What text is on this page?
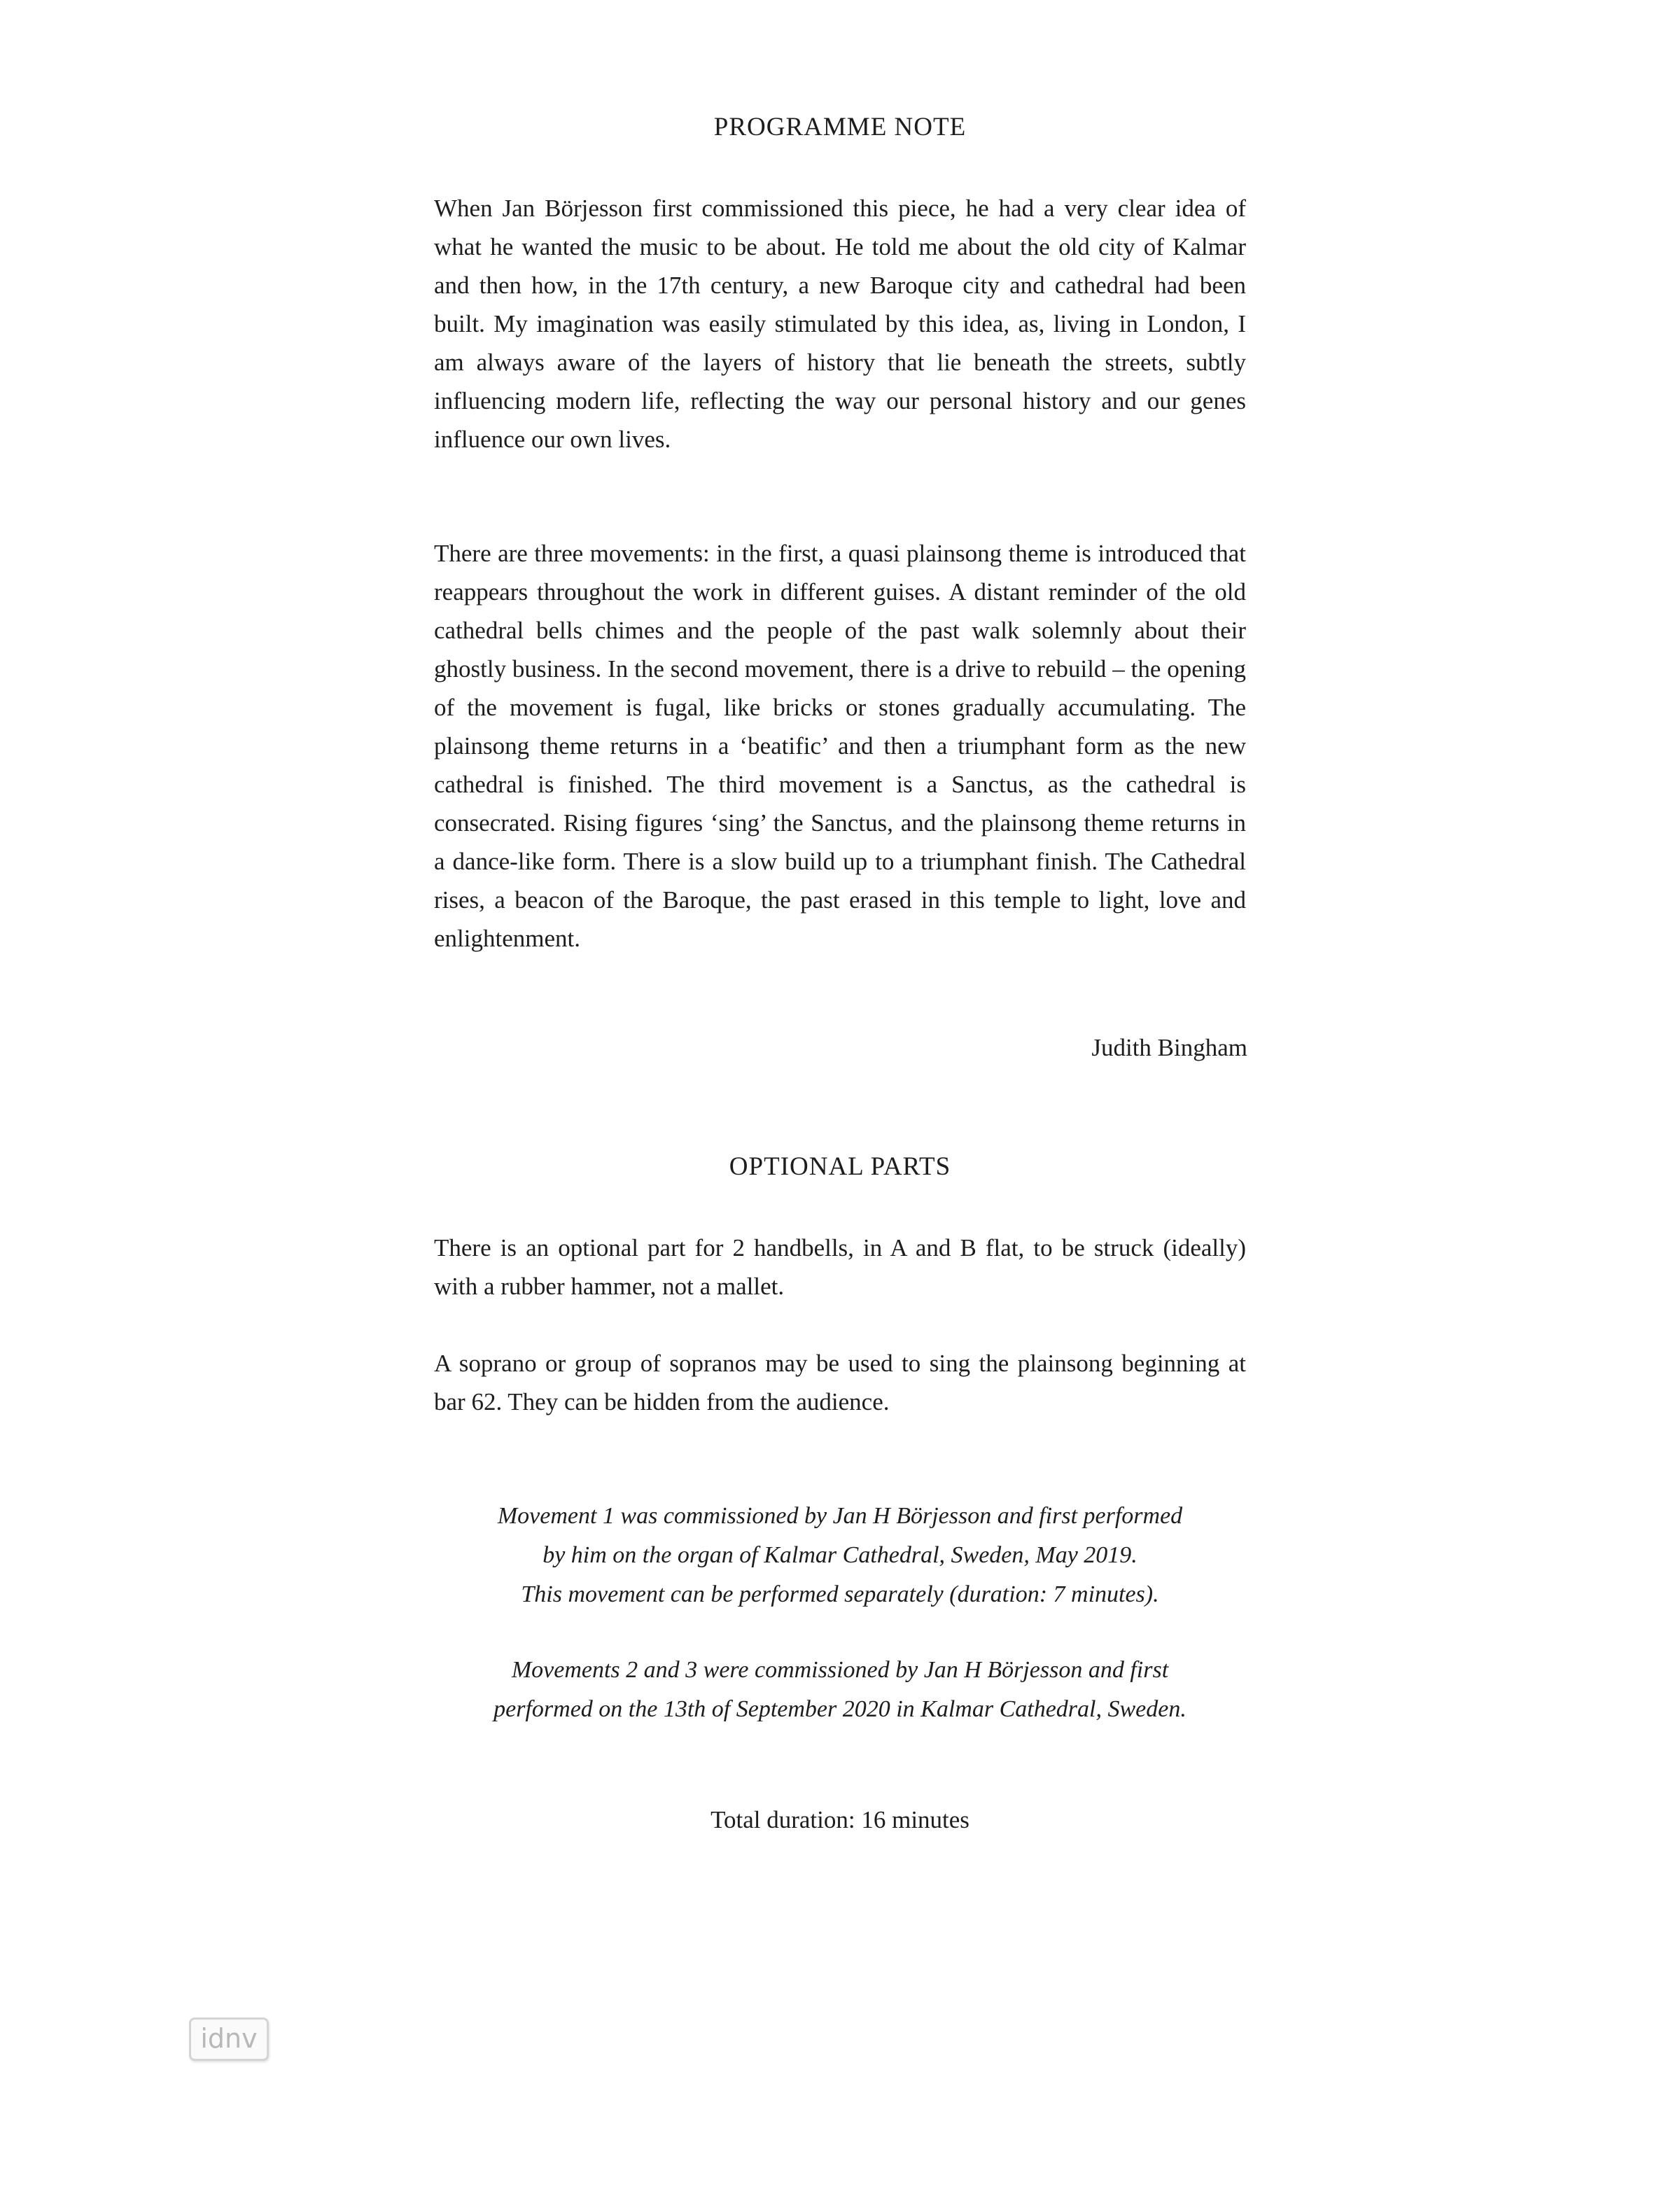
PROGRAMME NOTE

When Jan Börjesson first commissioned this piece, he had a very clear idea of what he wanted the music to be about. He told me about the old city of Kalmar and then how, in the 17th century, a new Baroque city and cathedral had been built. My imagination was easily stimulated by this idea, as, living in London, I am always aware of the layers of history that lie beneath the streets, subtly influencing modern life, reflecting the way our personal history and our genes influence our own lives.

There are three movements: in the first, a quasi plainsong theme is introduced that reappears throughout the work in different guises. A distant reminder of the old cathedral bells chimes and the people of the past walk solemnly about their ghostly business. In the second movement, there is a drive to rebuild – the opening of the movement is fugal, like bricks or stones gradually accumulating. The plainsong theme returns in a ‘beatific’ and then a triumphant form as the new cathedral is finished. The third movement is a Sanctus, as the cathedral is consecrated. Rising figures ‘sing’ the Sanctus, and the plainsong theme returns in a dance-like form. There is a slow build up to a triumphant finish. The Cathedral rises, a beacon of the Baroque, the past erased in this temple to light, love and enlightenment.

Judith Bingham

OPTIONAL PARTS

There is an optional part for 2 handbells, in A and B flat, to be struck (ideally) with a rubber hammer, not a mallet.

A soprano or group of sopranos may be used to sing the plainsong beginning at bar 62. They can be hidden from the audience.

Movement 1 was commissioned by Jan H Börjesson and first performed
by him on the organ of Kalmar Cathedral, Sweden, May 2019.
This movement can be performed separately (duration: 7 minutes).

Movements 2 and 3 were commissioned by Jan H Börjesson and first
performed on the 13th of September 2020 in Kalmar Cathedral, Sweden.

Total duration: 16 minutes

idnv
